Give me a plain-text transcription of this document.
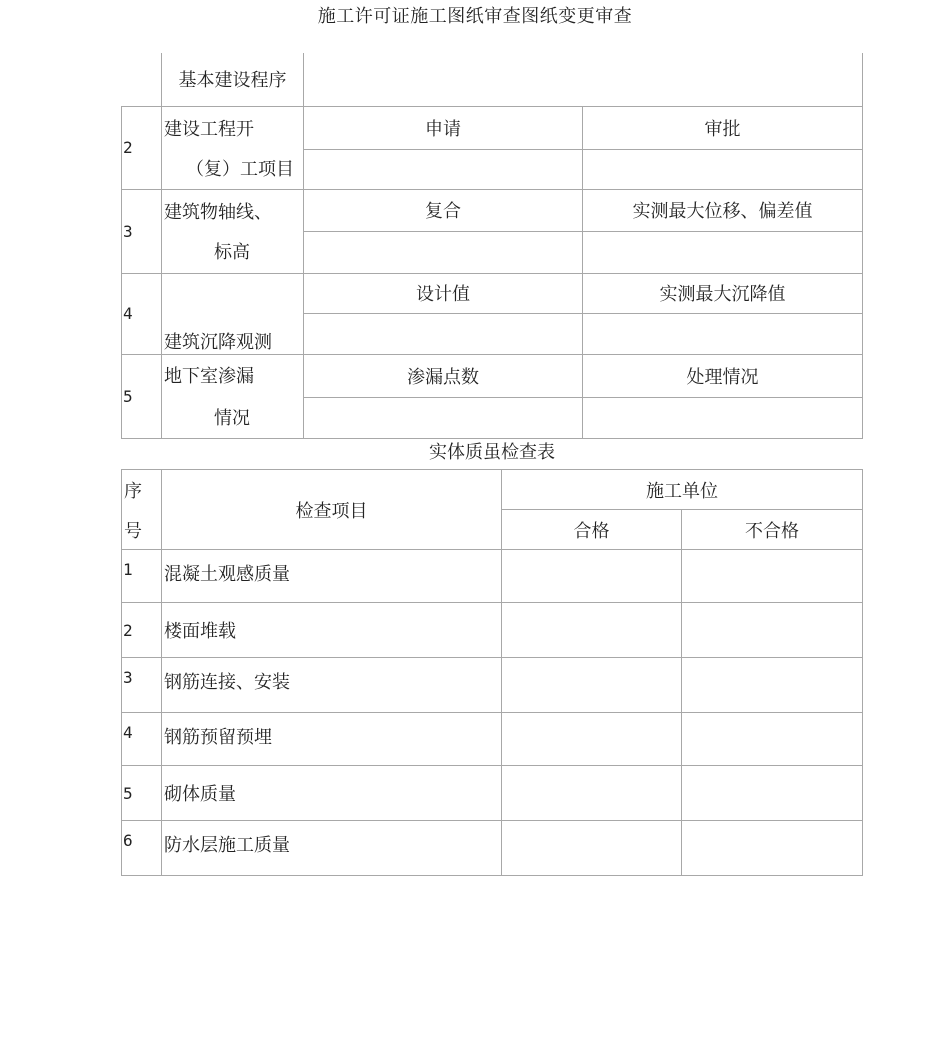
施工许可证施工图纸审查图纸变更审查
	基本建设程序		
2	建设工程开
（复）工项目	申请	审批

3	建筑物轴线、
标高	复合	实测最大位移、偏差值

4	建筑沉降观测	设计值	实测最大沉降值

5	地下室渗漏
情况	渗漏点数	处理情况

实体质虽检查表
序
号	检查项目	施工单位	
		合格	不合格
1	混凝土观感质量		
2	楼面堆载		
3	钢筋连接、安装		
4	钢筋预留预埋		
5	砌体质量		
6	防水层施工质量		
